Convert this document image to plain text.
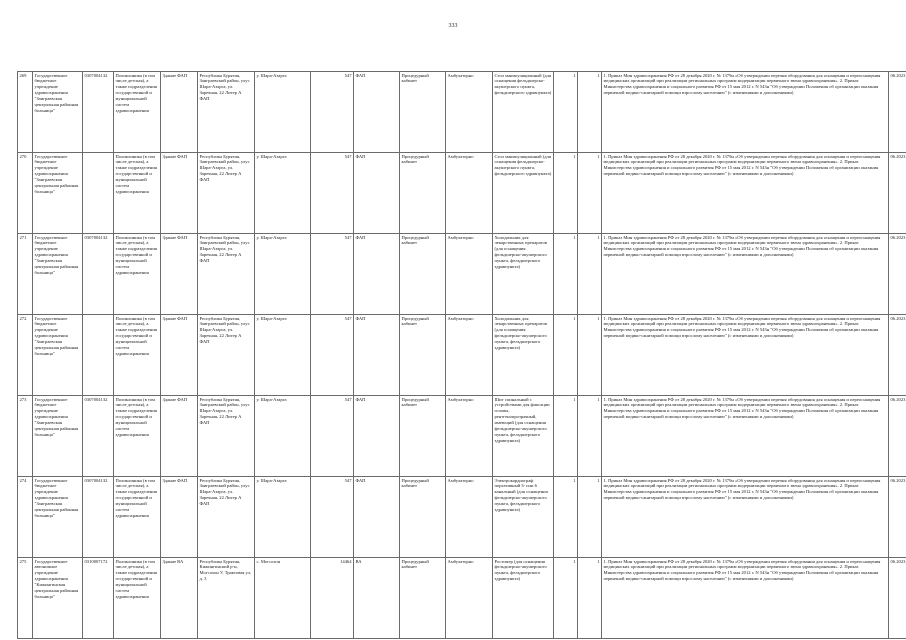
333
269	Государственное бюджетное учреждение здравоохранения "Заиграевская центральная районная больница"	0307004132	Поликлиника (в том числе детская), а также подразделения государственной и муниципальной систем здравоохранения	Здание ФАП	Республика Бурятия, Заиграевский район, улус Шара-Азарга, ул. Заречная, 22 Литер А ФАП	у. Шара-Азарга	547	ФАП	Процедурный кабинет	Амбулаторно	Стол манипуляционный (для оснащения фельдшерско-акушерского пункта, фельдшерского здравпункта)	1	1	1. Приказ Мин здравоохранения РФ от 28 декабря 2020 г. № 1379н «Об утверждении перечня оборудования для оснащения и переоснащения медицинских организаций при реализации региональных программ модернизации первичного звена здравоохранения». 2. Приказ Министерства здравоохранения и социального развития РФ от 15 мая 2012 г. N 543н "Об утверждении Положения об организации оказания первичной медико-санитарной помощи взрослому населению" (с изменениями и дополнениями)	06.2023
270	Государственное бюджетное учреждение здравоохранения "Заиграевская центральная районная больница"		Поликлиника (в том числе детская), а также подразделения государственной и муниципальной систем здравоохранения	Здание ФАП	Республика Бурятия, Заиграевский район, улус Шара-Азарга, ул. Заречная, 22 Литер А ФАП	у. Шара-Азарга	547	ФАП	Процедурный кабинет	Амбулаторно	Стол манипуляционный (для оснащения фельдшерско-акушерского пункта, фельдшерского здравпункта)	1	1	1. Приказ Мин здравоохранения РФ от 28 декабря 2020 г. № 1379н «Об утверждении перечня оборудования для оснащения и переоснащения медицинских организаций при реализации региональных программ модернизации первичного звена здравоохранения». 2. Приказ Министерства здравоохранения и социального развития РФ от 15 мая 2012 г. N 543н "Об утверждении Положения об организации оказания первичной медико-санитарной помощи взрослому населению" (с изменениями и дополнениями)	06.2023
271	Государственное бюджетное учреждение здравоохранения "Заиграевская центральная районная больница"	0307004132	Поликлиника (в том числе детская), а также подразделения государственной и муниципальной систем здравоохранения	Здание ФАП	Республика Бурятия, Заиграевский район, улус Шара-Азарга, ул. Заречная, 22 Литер А ФАП	у. Шара-Азарга	547	ФАП	Процедурный кабинет	Амбулаторно	Холодильник для лекарственных препаратов (для оснащения фельдшерско-акушерского пункта, фельдшерского здравпункта)	1	1	1. Приказ Мин здравоохранения РФ от 28 декабря 2020 г. № 1379н «Об утверждении перечня оборудования для оснащения и переоснащения медицинских организаций при реализации региональных программ модернизации первичного звена здравоохранения». 2. Приказ Министерства здравоохранения и социального развития РФ от 15 мая 2012 г. N 543н "Об утверждении Положения об организации оказания первичной медико-санитарной помощи взрослому населению" (с изменениями и дополнениями)	06.2023
272	Государственное бюджетное учреждение здравоохранения "Заиграевская центральная районная больница"		Поликлиника (в том числе детская), а также подразделения государственной и муниципальной систем здравоохранения	Здание ФАП	Республика Бурятия, Заиграевский район, улус Шара-Азарга, ул. Заречная, 22 Литер А ФАП	у. Шара-Азарга	547	ФАП	Процедурный кабинет	Амбулаторно	Холодильник для лекарственных препаратов (для оснащения фельдшерско-акушерского пункта, фельдшерского здравпункта)	1	1	1. Приказ Мин здравоохранения РФ от 28 декабря 2020 г. № 1379н «Об утверждении перечня оборудования для оснащения и переоснащения медицинских организаций при реализации региональных программ модернизации первичного звена здравоохранения». 2. Приказ Министерства здравоохранения и социального развития РФ от 15 мая 2012 г. N 543н "Об утверждении Положения об организации оказания первичной медико-санитарной помощи взрослому населению" (с изменениями и дополнениями)	06.2023
273	Государственное бюджетное учреждение здравоохранения "Заиграевская центральная районная больница"	0307004132	Поликлиника (в том числе детская), а также подразделения государственной и муниципальной систем здравоохранения	Здание ФАП	Республика Бурятия, Заиграевский район, улус Шара-Азарга, ул. Заречная, 22 Литер А ФАП	у. Шара-Азарга	547	ФАП	Процедурный кабинет	Амбулаторно	Шит спинальный с устройствами для фиксации головы, рентгенопрозрачный, имеющий (для оснащения фельдшерско-акушерского пункта, фельдшерского здравпункта)	1	1	1. Приказ Мин здравоохранения РФ от 28 декабря 2020 г. № 1379н «Об утверждении перечня оборудования для оснащения и переоснащения медицинских организаций при реализации региональных программ модернизации первичного звена здравоохранения». 2. Приказ Министерства здравоохранения и социального развития РФ от 15 мая 2012 г. N 543н "Об утверждении Положения об организации оказания первичной медико-санитарной помощи взрослому населению" (с изменениями и дополнениями)	06.2023
274	Государственное бюджетное учреждение здравоохранения "Заиграевская центральная районная больница"	0307004132	Поликлиника (в том числе детская), а также подразделения государственной и муниципальной систем здравоохранения	Здание ФАП	Республика Бурятия, Заиграевский район, улус Шара-Азарга, ул. Заречная, 22 Литер А ФАП	у. Шара-Азарга	547	ФАП	Процедурный кабинет	Амбулаторно	Электрокардиограф портативный 3- или 6 канальный (для оснащения фельдшерско-акушерского пункта, фельдшерского здравпункта)	1	1	1. Приказ Мин здравоохранения РФ от 28 декабря 2020 г. № 1379н «Об утверждении перечня оборудования для оснащения и переоснащения медицинских организаций при реализации региональных программ модернизации первичного звена здравоохранения». 2. Приказ Министерства здравоохранения и социального развития РФ от 15 мая 2012 г. N 543н "Об утверждении Положения об организации оказания первичной медико-санитарной помощи взрослому населению" (с изменениями и дополнениями)	06.2023
275	Государственное автономное учреждение здравоохранения "Кижингинская центральная районная больница"	0310007172	Поликлиника (в том числе детская), а также подразделения государственной и муниципальной систем здравоохранения	Здание ВА	Республика Бурятия, Кижингинский р-н, Могсохон У, Трактовая ул, д. 3	с. Могсохон	14464	ВА	Процедурный кабинет	Амбулаторно	Ростомер (для оснащения фельдшерско-акушерского пункта, фельдшерского здравпункта)	1	1	1. Приказ Мин здравоохранения РФ от 28 декабря 2020 г. № 1379н «Об утверждении перечня оборудования для оснащения и переоснащения медицинских организаций при реализации региональных программ модернизации первичного звена здравоохранения». 2. Приказ Министерства здравоохранения и социального развития РФ от 15 мая 2012 г. N 543н "Об утверждении Положения об организации оказания первичной медико-санитарной помощи взрослому населению" (с изменениями и дополнениями)	06.2023
